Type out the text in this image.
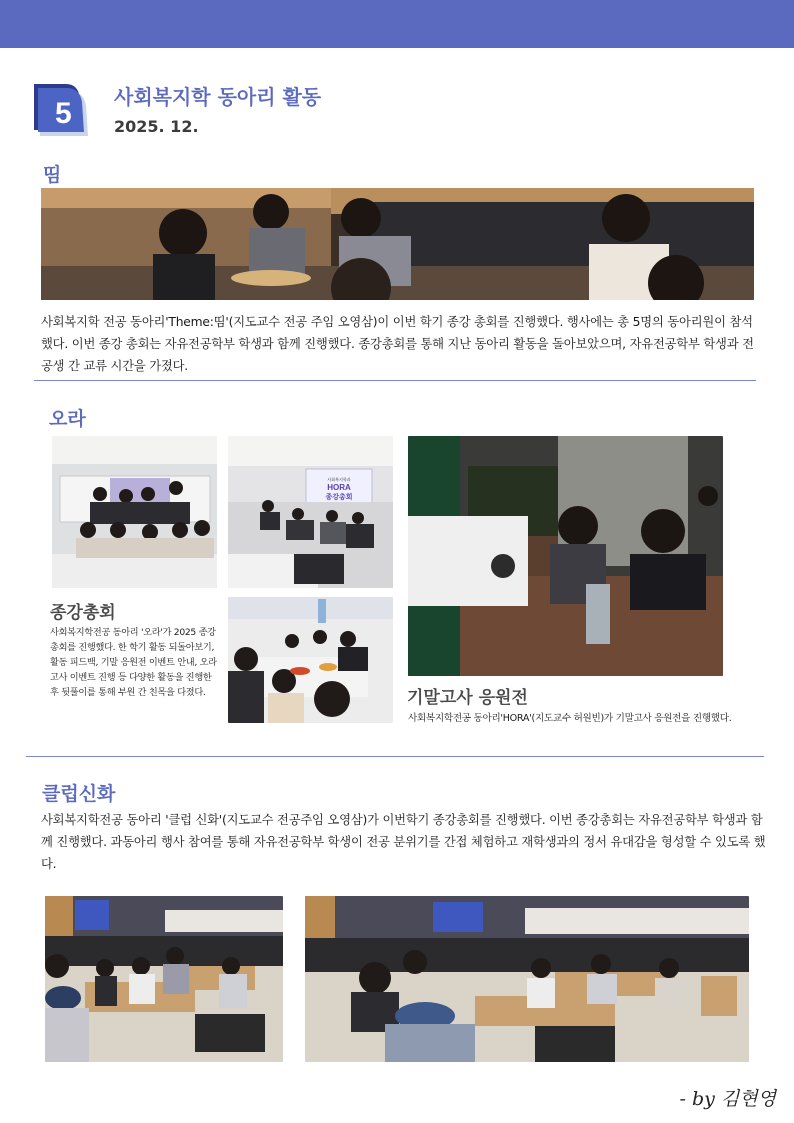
5 사회복지학 동아리 활동
2025. 12.
띰

사회복지학 전공 동아리'Theme:띰'(지도교수 전공 주임 오영삼)이 이번 학기 종강 총회를 진행했다. 행사에는 총 5명의 동아리원이 참석했다. 이번 종강 총회는 자유전공학부 학생과 함께 진행했다. 종강총회를 통해 지난 동아리 활동을 돌아보았으며, 자유전공학부 학생과 전공생 간 교류 시간을 가졌다.

오라
사회복지학과
HORA
종강총회
종강총회

사회복지학전공 동아리 '오라'가 2025 종강총회를 진행했다. 한 학기 활동 되돌아보기, 활동 피드백, 기말 응원전 이벤트 안내, 오라고사 이벤트 진행 등 다양한 활동을 진행한 후 뒷풀이를 통해 부원 간 친목을 다졌다.	기말고사 응원전
사회복지학전공 동아리'HORA'(지도교수 허원빈)가 기말고사 응원전을 진행했다.
클럽신화

사회복지학전공 동아리 '클럽 신화'(지도교수 전공주임 오영삼)가 이번학기 종강총회를 진행했다. 이번 종강총회는 자유전공학부 학생과 함께 진행했다. 과동아리 행사 참여를 통해 자유전공학부 학생이 전공 분위기를 간접 체험하고 재학생과의 정서 유대감을 형성할 수 있도록 했다.

- by 김현영
